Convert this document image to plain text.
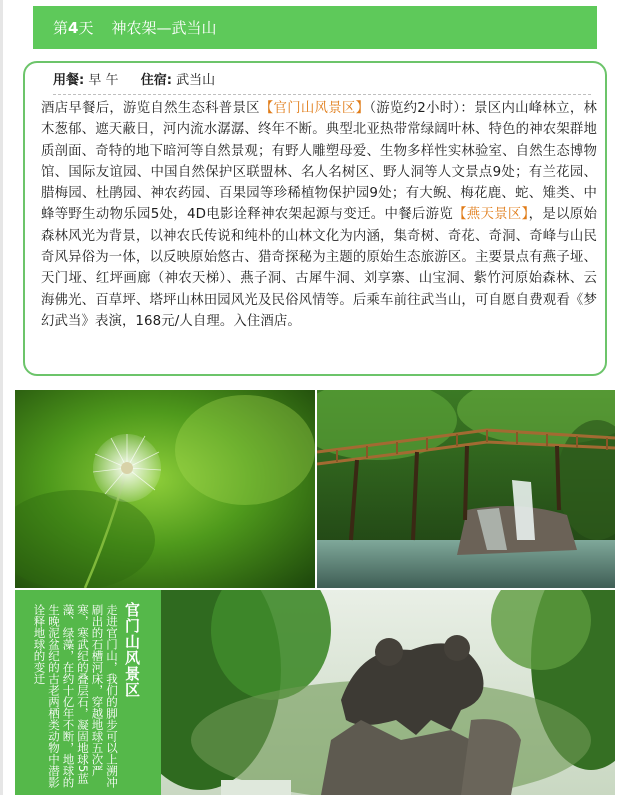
第4天 神农架—武当山
用餐: 早 午 住宿: 武当山
酒店早餐后，游览自然生态科普景区【官门山风景区】（游览约2小时）：景区内山峰林立，林木葱郁、遮天蔽日，河内流水潺潺、终年不断。典型北亚热带常绿阔叶林、特色的神农架群地质剖面、奇特的地下暗河等自然景观；有野人雕塑母爱、生物多样性实林验室、自然生态博物馆、国际友谊园、中国自然保护区联盟林、名人名树区、野人洞等人文景点9处；有兰花园、腊梅园、杜鹃园、神农药园、百果园等珍稀植物保护园9处；有大鲵、梅花鹿、蛇、雉类、中蜂等野生动物乐园5处，4D电影诠释神农架起源与变迁。中餐后游览【燕天景区】，是以原始森林风光为背景，以神农氏传说和纯朴的山林文化为内涵，集奇树、奇花、奇洞、奇峰与山民奇风异俗为一体，以反映原始悠古、猎奇探秘为主题的原始生态旅游区。主要景点有燕子垭、天门垭、红坪画廊（神农天梯）、燕子洞、古犀牛洞、刘享寨、山宝洞、紫竹河原始森林、云海佛光、百草坪、塔坪山林田园风光及民俗风情等。后乘车前往武当山，可自愿自费观看《梦幻武当》表演，168元/人自理。入住酒店。
官门山风景区
走进官门山，我们的脚步可以上溯冲刷出的石槽河床，穿越地球五次严寒，寒武纪的叠层石，凝固地球5蓝藻、绿藻，在约十亿年不断，地球的生晚泥盆纪的古老两栖类动物中潜影诠释地球的变迁
